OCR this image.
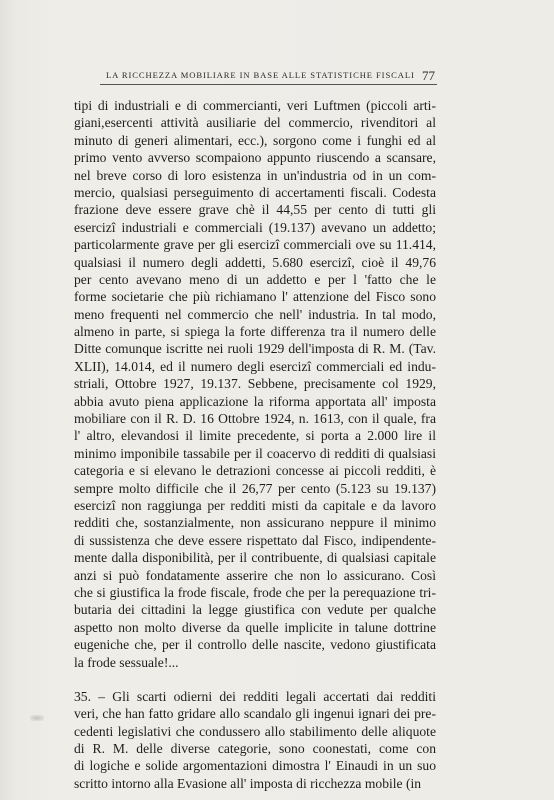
LA RICCHEZZA MOBILIARE IN BASE ALLE STATISTICHE FISCALI 77
tipi di industriali e di commercianti, veri Luftmen (piccoli arti-
giani,esercenti attività ausiliarie del commercio, rivenditori al
minuto di generi alimentari, ecc.), sorgono come i funghi ed al
primo vento avverso scompaiono appunto riuscendo a scansare,
nel breve corso di loro esistenza in un'industria od in un com-
mercio, qualsiasi perseguimento di accertamenti fiscali. Codesta
frazione deve essere grave chè il 44,55 per cento di tutti gli
esercizî industriali e commerciali (19.137) avevano un addetto;
particolarmente grave per gli esercizî commerciali ove su 11.414,
qualsiasi il numero degli addetti, 5.680 esercizî, cioè il 49,76
per cento avevano meno di un addetto e per l 'fatto che le
forme societarie che più richiamano l' attenzione del Fisco sono
meno frequenti nel commercio che nell' industria. In tal modo,
almeno in parte, si spiega la forte differenza tra il numero delle
Ditte comunque iscritte nei ruoli 1929 dell'imposta di R. M. (Tav.
XLII), 14.014, ed il numero degli esercizî commerciali ed indu-
striali, Ottobre 1927, 19.137. Sebbene, precisamente col 1929,
abbia avuto piena applicazione la riforma apportata all' imposta
mobiliare con il R. D. 16 Ottobre 1924, n. 1613, con il quale, fra
l' altro, elevandosi il limite precedente, si porta a 2.000 lire il
minimo imponibile tassabile per il coacervo di redditi di qualsiasi
categoria e si elevano le detrazioni concesse ai piccoli redditi, è
sempre molto difficile che il 26,77 per cento (5.123 su 19.137)
esercizî non raggiunga per redditi misti da capitale e da lavoro
redditi che, sostanzialmente, non assicurano neppure il minimo
di sussistenza che deve essere rispettato dal Fisco, indipendente-
mente dalla disponibilità, per il contribuente, di qualsiasi capitale
anzi si può fondatamente asserire che non lo assicurano. Così
che si giustifica la frode fiscale, frode che per la perequazione tri-
butaria dei cittadini la legge giustifica con vedute per qualche
aspetto non molto diverse da quelle implicite in talune dottrine
eugeniche che, per il controllo delle nascite, vedono giustificata
la frode sessuale!...
35. – Gli scarti odierni dei redditi legali accertati dai redditi
veri, che han fatto gridare allo scandalo gli ingenui ignari dei pre-
cedenti legislativi che condussero allo stabilimento delle aliquote
di R. M. delle diverse categorie, sono coonestati, come con
di logiche e solide argomentazioni dimostra l' Einaudi in un suo
scritto intorno alla Evasione all' imposta di ricchezza mobile (in
